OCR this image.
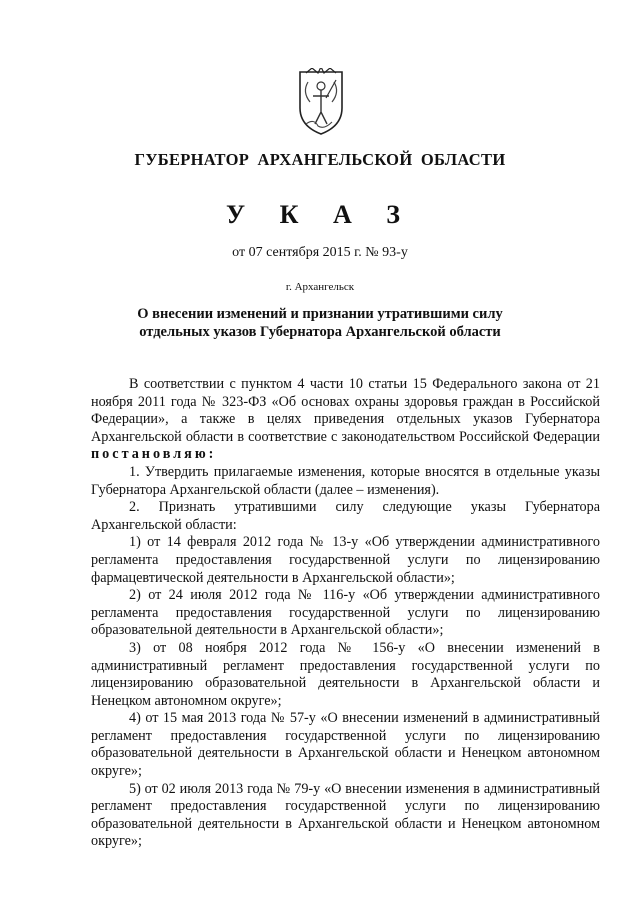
ГУБЕРНАТОР АРХАНГЕЛЬСКОЙ ОБЛАСТИ
У К А З
от 07 сентября 2015 г. № 93-у
г. Архангельск
О внесении изменений и признании утратившими силу
отдельных указов Губернатора Архангельской области

В соответствии с пунктом 4 части 10 статьи 15 Федерального закона от 21 ноября 2011 года № 323-ФЗ «Об основах охраны здоровья граждан в Российской Федерации», а также в целях приведения отдельных указов Губернатора Архангельской области в соответствие с законодательством Российской Федерации постановляю:

1. Утвердить прилагаемые изменения, которые вносятся в отдельные указы Губернатора Архангельской области (далее – изменения).

2. Признать утратившими силу следующие указы Губернатора Архангельской области:

1) от 14 февраля 2012 года № 13-у «Об утверждении административного регламента предоставления государственной услуги по лицензированию фармацевтической деятельности в Архангельской области»;

2) от 24 июля 2012 года № 116-у «Об утверждении административного регламента предоставления государственной услуги по лицензированию образовательной деятельности в Архангельской области»;

3) от 08 ноября 2012 года № 156-у «О внесении изменений в административный регламент предоставления государственной услуги по лицензированию образовательной деятельности в Архангельской области и Ненецком автономном округе»;

4) от 15 мая 2013 года № 57-у «О внесении изменений в административный регламент предоставления государственной услуги по лицензированию образовательной деятельности в Архангельской области и Ненецком автономном округе»;

5) от 02 июля 2013 года № 79-у «О внесении изменения в административный регламент предоставления государственной услуги по лицензированию образовательной деятельности в Архангельской области и Ненецком автономном округе»;
